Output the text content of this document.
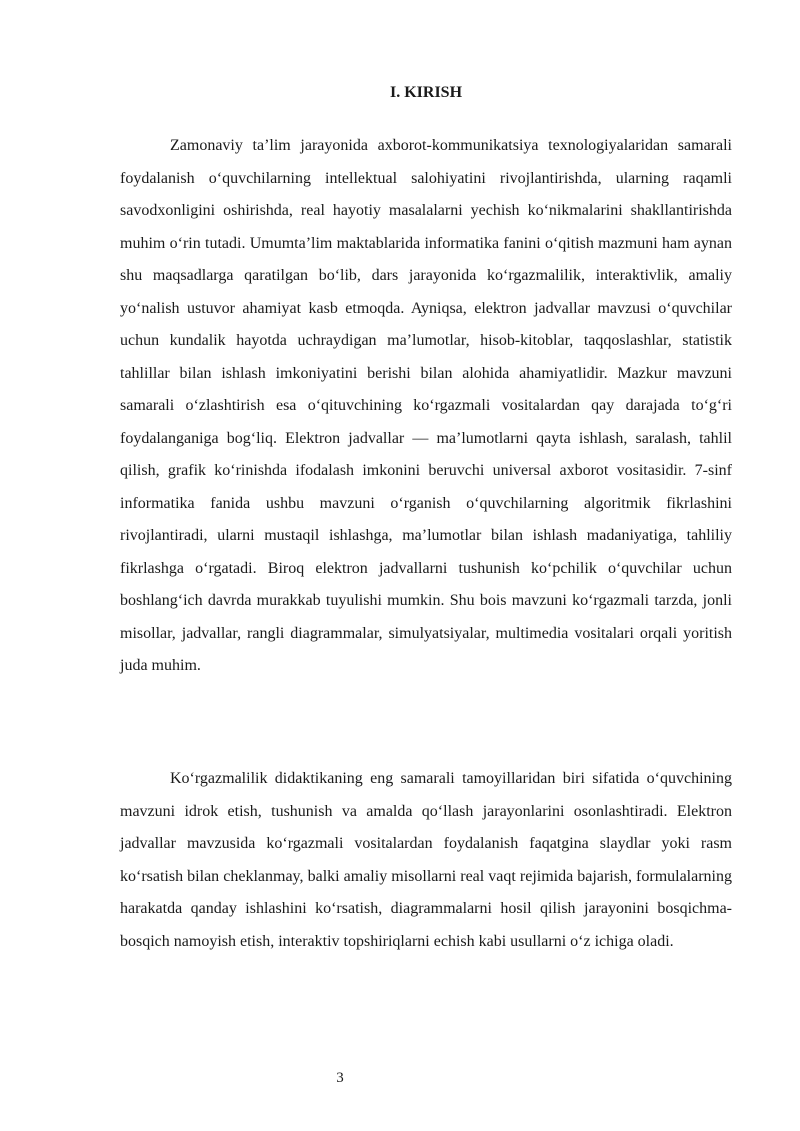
I. KIRISH

Zamonaviy ta’lim jarayonida axborot-kommunikatsiya texnologiyalaridan samarali foydalanish o‘quvchilarning intellektual salohiyatini rivojlantirishda, ularning raqamli savodxonligini oshirishda, real hayotiy masalalarni yechish ko‘nikmalarini shakllantirishda muhim o‘rin tutadi. Umumta’lim maktablarida informatika fanini o‘qitish mazmuni ham aynan shu maqsadlarga qaratilgan bo‘lib, dars jarayonida ko‘rgazmalilik, interaktivlik, amaliy yo‘nalish ustuvor ahamiyat kasb etmoqda. Ayniqsa, elektron jadvallar mavzusi o‘quvchilar uchun kundalik hayotda uchraydigan ma’lumotlar, hisob-kitoblar, taqqoslashlar, statistik tahlillar bilan ishlash imkoniyatini berishi bilan alohida ahamiyatlidir. Mazkur mavzuni samarali o‘zlashtirish esa o‘qituvchining ko‘rgazmali vositalardan qay darajada to‘g‘ri foydalanganiga bog‘liq. Elektron jadvallar — ma’lumotlarni qayta ishlash, saralash, tahlil qilish, grafik ko‘rinishda ifodalash imkonini beruvchi universal axborot vositasidir. 7-sinf informatika fanida ushbu mavzuni o‘rganish o‘quvchilarning algoritmik fikrlashini rivojlantiradi, ularni mustaqil ishlashga, ma’lumotlar bilan ishlash madaniyatiga, tahliliy fikrlashga o‘rgatadi. Biroq elektron jadvallarni tushunish ko‘pchilik o‘quvchilar uchun boshlang‘ich davrda murakkab tuyulishi mumkin. Shu bois mavzuni ko‘rgazmali tarzda, jonli misollar, jadvallar, rangli diagrammalar, simulyatsiyalar, multimedia vositalari orqali yoritish juda muhim.

Ko‘rgazmalilik didaktikaning eng samarali tamoyillaridan biri sifatida o‘quvchining mavzuni idrok etish, tushunish va amalda qo‘llash jarayonlarini osonlashtiradi. Elektron jadvallar mavzusida ko‘rgazmali vositalardan foydalanish faqatgina slaydlar yoki rasm ko‘rsatish bilan cheklanmay, balki amaliy misollarni real vaqt rejimida bajarish, formulalarning harakatda qanday ishlashini ko‘rsatish, diagrammalarni hosil qilish jarayonini bosqichma-bosqich namoyish etish, interaktiv topshiriqlarni echish kabi usullarni o‘z ichiga oladi.

3
